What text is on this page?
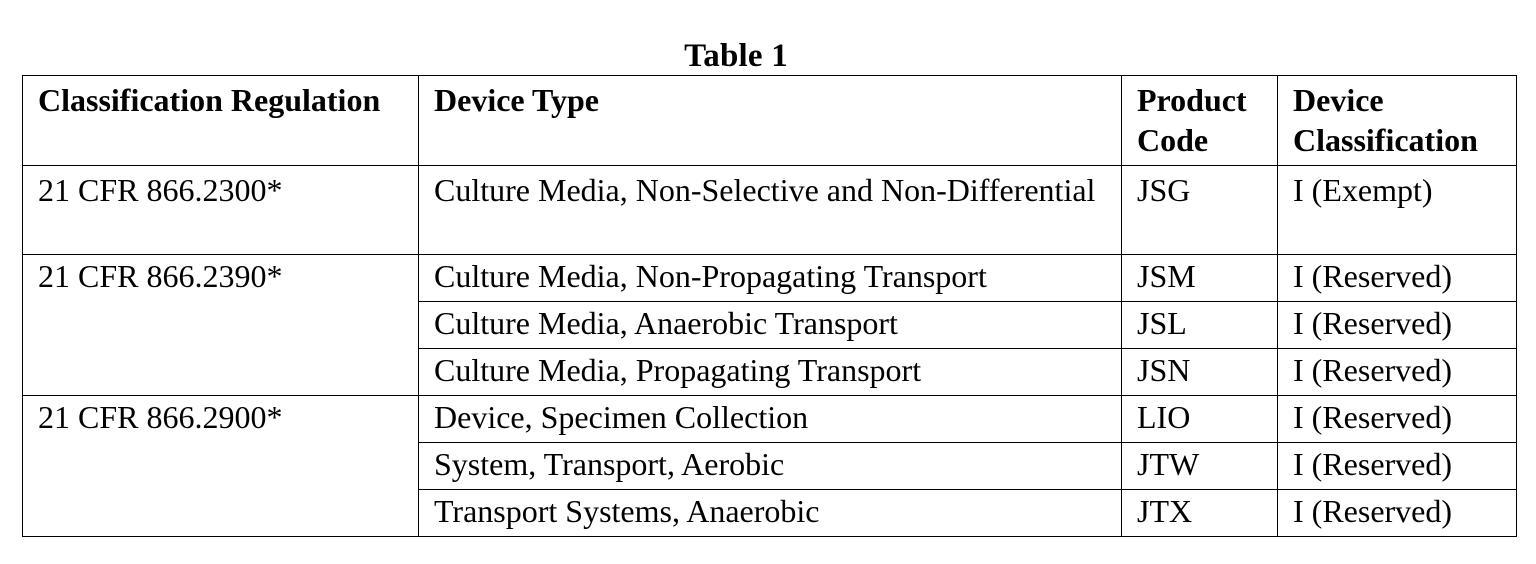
Table 1
Classification Regulation	Device Type	Product Code	Device Classification
21 CFR 866.2300*	Culture Media, Non-Selective and Non-Differential	JSG	I (Exempt)
21 CFR 866.2390*	Culture Media, Non-Propagating Transport	JSM	I (Reserved)
	Culture Media, Anaerobic Transport	JSL	I (Reserved)
	Culture Media, Propagating Transport	JSN	I (Reserved)
21 CFR 866.2900*	Device, Specimen Collection	LIO	I (Reserved)
	System, Transport, Aerobic	JTW	I (Reserved)
	Transport Systems, Anaerobic	JTX	I (Reserved)
